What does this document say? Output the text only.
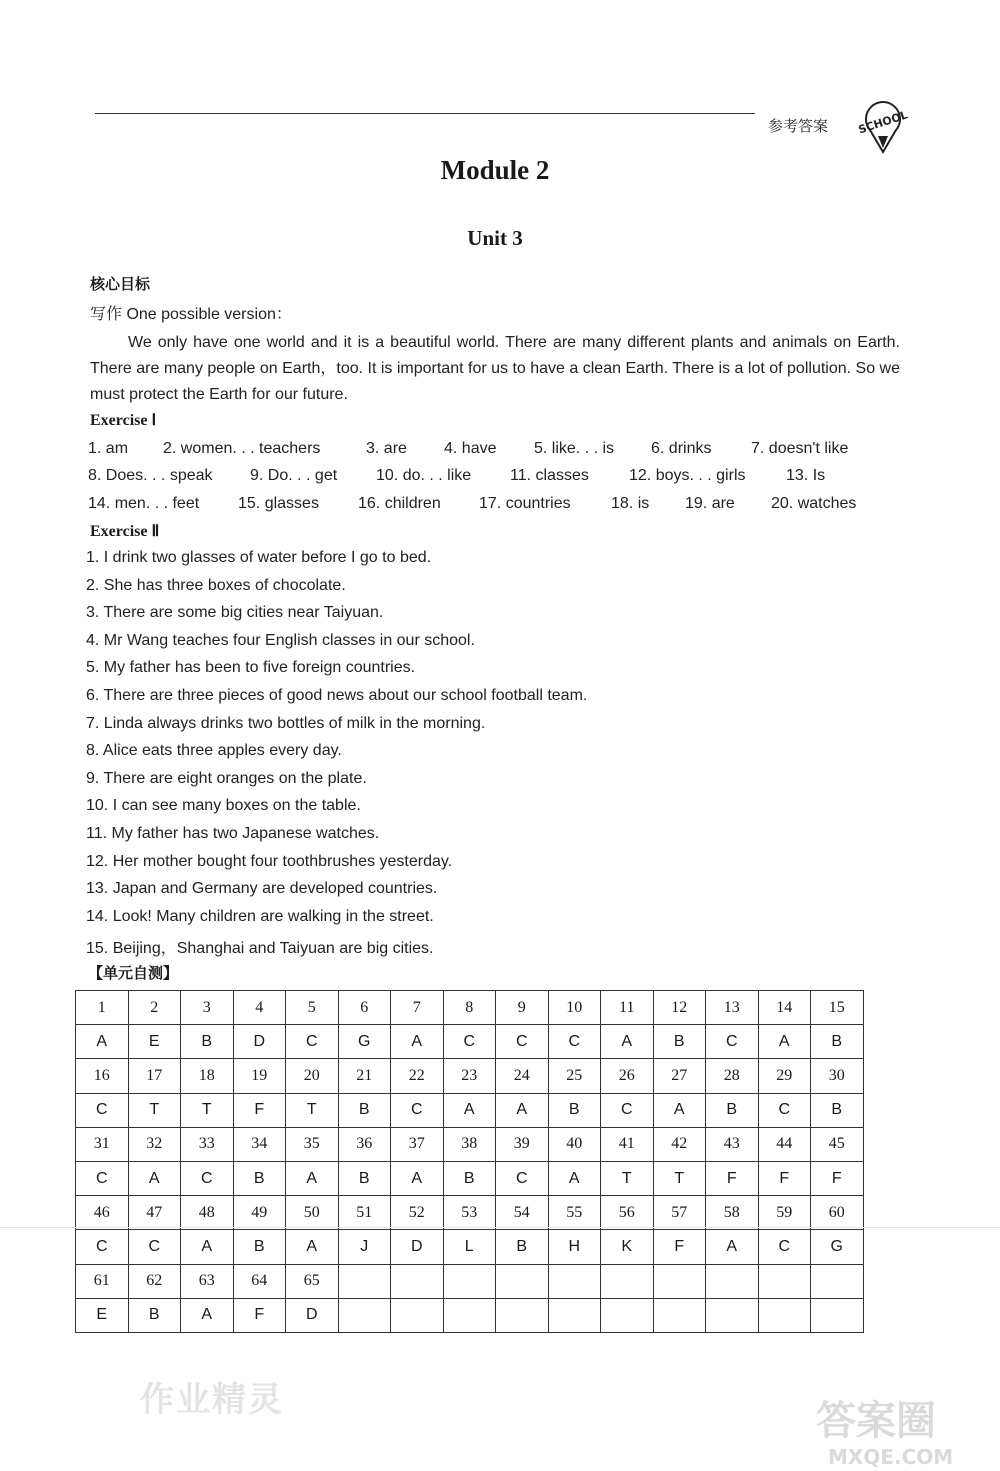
参考答案	SCHOOL
Module 2
Unit 3
核心目标
写作 One possible version：
We only have one world and it is a beautiful world. There are many different plants and animals on Earth. There are many people on Earth，too. It is important for us to have a clean Earth. There is a lot of pollution. So we must protect the Earth for our future.
Exercise Ⅰ
1. am 2. women. . . teachers	3. are 4. have 5. like. . . is 6. drinks 7. doesn't like
8. Does. . . speak 9. Do. . . get 10. do. . . like 11. classes	12. boys. . . girls	13. Is
14. men. . . feet 15. glasses 16. children 17. countries	18. is 19. are 20. watches
Exercise Ⅱ
1. I drink two glasses of water before I go to bed.
2. She has three boxes of chocolate.
3. There are some big cities near Taiyuan.
4. Mr Wang teaches four English classes in our school.
5. My father has been to five foreign countries.
6. There are three pieces of good news about our school football team.
7. Linda always drinks two bottles of milk in the morning.
8. Alice eats three apples every day.
9. There are eight oranges on the plate.
10. I can see many boxes on the table.
11. My father has two Japanese watches.
12. Her mother bought four toothbrushes yesterday.
13. Japan and Germany are developed countries.
14. Look! Many children are walking in the street.
15. Beijing，Shanghai and Taiyuan are big cities.
【单元自测】
1	2	3	4	5	6	7	8	9	10	11	12	13	14	15
A	E	B	D	C	G	A	C	C	C	A	B	C	A	B
16	17	18	19	20	21	22	23	24	25	26	27	28	29	30
C	T	T	F	T	B	C	A	A	B	C	A	B	C	B
31	32	33	34	35	36	37	38	39	40	41	42	43	44	45
C	A	C	B	A	B	A	B	C	A	T	T	F	F	F
46	47	48	49	50	51	52	53	54	55	56	57	58	59	60
C	C	A	B	A	J	D	L	B	H	K	F	A	C	G
61	62	63	64	65										
E	B	A	F	D										
作业精灵	答案圈
MXQE.COM
